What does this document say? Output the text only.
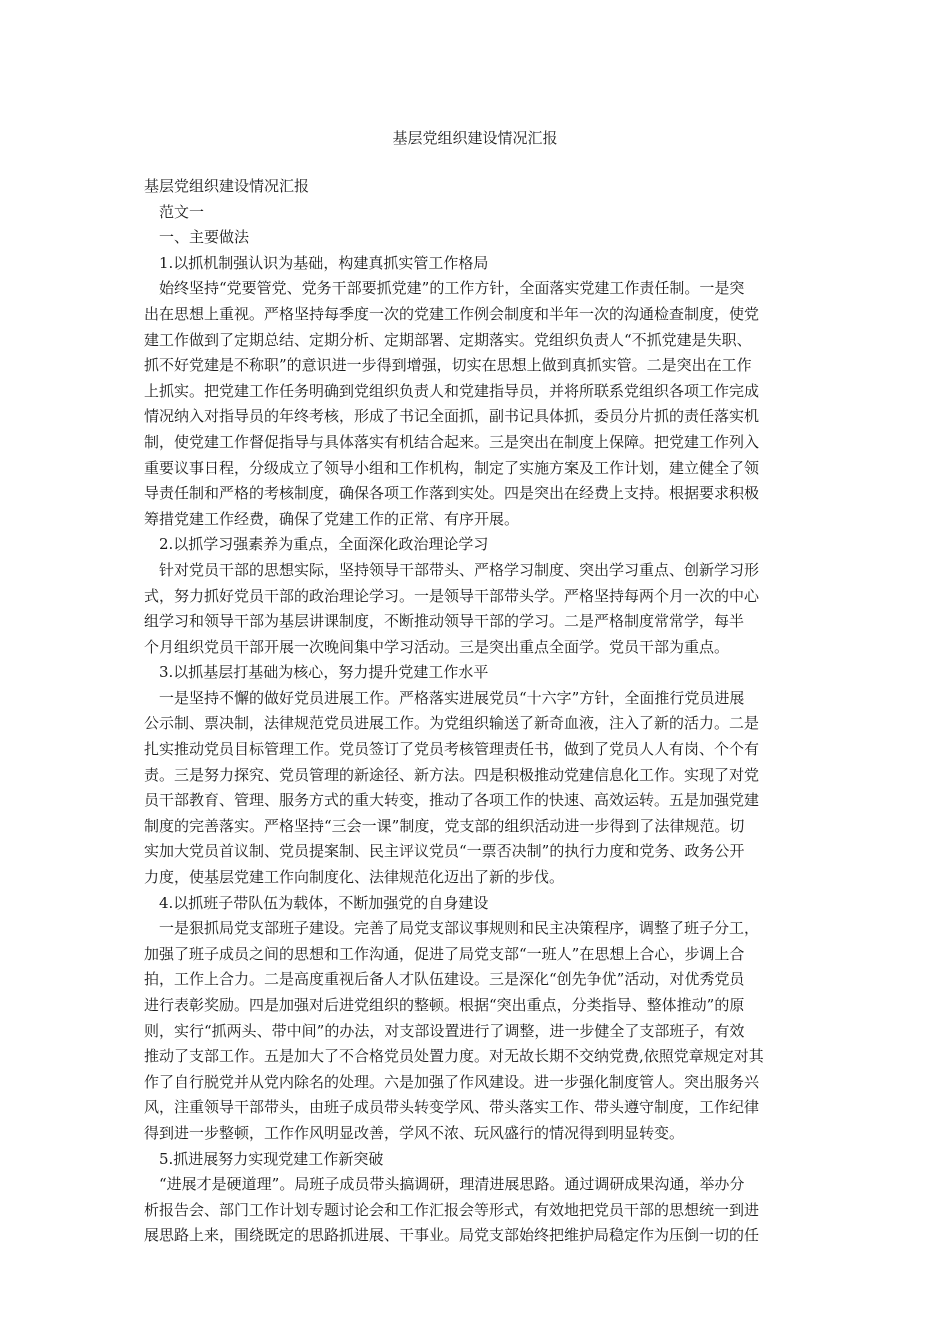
基层党组织建设情况汇报

基层党组织建设情况汇报

范文一

一、主要做法

1.以抓机制强认识为基础，构建真抓实管工作格局

始终坚持“党要管党、党务干部要抓党建”的工作方针，全面落实党建工作责任制。一是突

出在思想上重视。严格坚持每季度一次的党建工作例会制度和半年一次的沟通检查制度，使党

建工作做到了定期总结、定期分析、定期部署、定期落实。党组织负责人“不抓党建是失职、

抓不好党建是不称职”的意识进一步得到增强，切实在思想上做到真抓实管。二是突出在工作

上抓实。把党建工作任务明确到党组织负责人和党建指导员，并将所联系党组织各项工作完成

情况纳入对指导员的年终考核，形成了书记全面抓，副书记具体抓，委员分片抓的责任落实机

制，使党建工作督促指导与具体落实有机结合起来。三是突出在制度上保障。把党建工作列入

重要议事日程，分级成立了领导小组和工作机构，制定了实施方案及工作计划，建立健全了领

导责任制和严格的考核制度，确保各项工作落到实处。四是突出在经费上支持。根据要求积极

筹措党建工作经费，确保了党建工作的正常、有序开展。

2.以抓学习强素养为重点，全面深化政治理论学习

针对党员干部的思想实际，坚持领导干部带头、严格学习制度、突出学习重点、创新学习形

式，努力抓好党员干部的政治理论学习。一是领导干部带头学。严格坚持每两个月一次的中心

组学习和领导干部为基层讲课制度，不断推动领导干部的学习。二是严格制度常常学，每半

个月组织党员干部开展一次晚间集中学习活动。三是突出重点全面学。党员干部为重点。

3.以抓基层打基础为核心，努力提升党建工作水平

一是坚持不懈的做好党员进展工作。严格落实进展党员“十六字”方针，全面推行党员进展

公示制、票决制，法律规范党员进展工作。为党组织输送了新奇血液，注入了新的活力。二是

扎实推动党员目标管理工作。党员签订了党员考核管理责任书，做到了党员人人有岗、个个有

责。三是努力探究、党员管理的新途径、新方法。四是积极推动党建信息化工作。实现了对党

员干部教育、管理、服务方式的重大转变，推动了各项工作的快速、高效运转。五是加强党建

制度的完善落实。严格坚持“三会一课”制度，党支部的组织活动进一步得到了法律规范。切

实加大党员首议制、党员提案制、民主评议党员“一票否决制”的执行力度和党务、政务公开

力度，使基层党建工作向制度化、法律规范化迈出了新的步伐。

4.以抓班子带队伍为载体，不断加强党的自身建设

一是狠抓局党支部班子建设。完善了局党支部议事规则和民主决策程序，调整了班子分工，

加强了班子成员之间的思想和工作沟通，促进了局党支部“一班人”在思想上合心，步调上合

拍，工作上合力。二是高度重视后备人才队伍建设。三是深化“创先争优”活动，对优秀党员

进行表彰奖励。四是加强对后进党组织的整顿。根据“突出重点，分类指导、整体推动”的原

则，实行“抓两头、带中间”的办法，对支部设置进行了调整，进一步健全了支部班子，有效

推动了支部工作。五是加大了不合格党员处置力度。对无故长期不交纳党费,依照党章规定对其

作了自行脱党并从党内除名的处理。六是加强了作风建设。进一步强化制度管人。突出服务兴

风，注重领导干部带头，由班子成员带头转变学风、带头落实工作、带头遵守制度，工作纪律

得到进一步整顿，工作作风明显改善，学风不浓、玩风盛行的情况得到明显转变。

5.抓进展努力实现党建工作新突破

“进展才是硬道理”。局班子成员带头搞调研，理清进展思路。通过调研成果沟通，举办分

析报告会、部门工作计划专题讨论会和工作汇报会等形式，有效地把党员干部的思想统一到进

展思路上来，围绕既定的思路抓进展、干事业。局党支部始终把维护局稳定作为压倒一切的任
